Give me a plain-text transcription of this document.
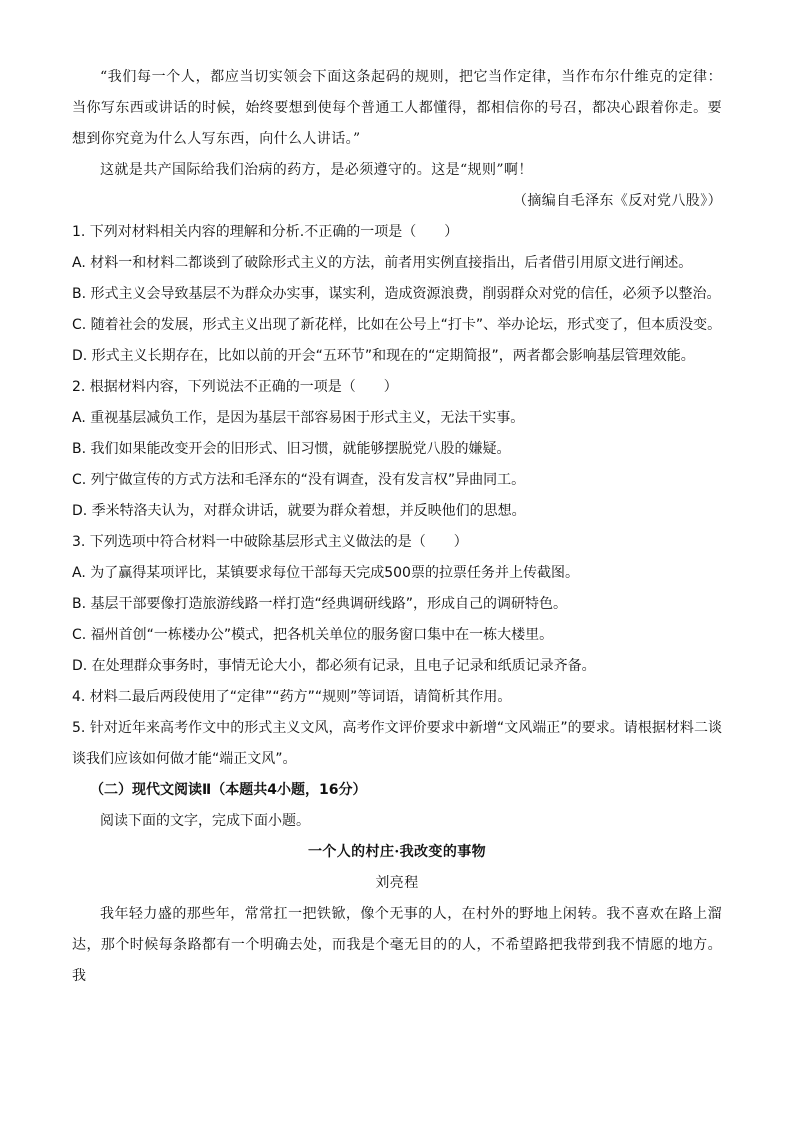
“我们每一个人，都应当切实领会下面这条起码的规则，把它当作定律，当作布尔什维克的定律：当你写东西或讲话的时候，始终要想到使每个普通工人都懂得，都相信你的号召，都决心跟着你走。要想到你究竟为什么人写东西，向什么人讲话。”

这就是共产国际给我们治病的药方，是必须遵守的。这是“规则”啊！

（摘编自毛泽东《反对党八股》）

1. 下列对材料相关内容的理解和分析.不正确的一项是（　　）

A. 材料一和材料二都谈到了破除形式主义的方法，前者用实例直接指出，后者借引用原文进行阐述。

B. 形式主义会导致基层不为群众办实事，谋实利，造成资源浪费，削弱群众对党的信任，必须予以整治。

C. 随着社会的发展，形式主义出现了新花样，比如在公号上“打卡”、举办论坛，形式变了，但本质没变。

D. 形式主义长期存在，比如以前的开会“五环节”和现在的“定期简报”，两者都会影响基层管理效能。

2. 根据材料内容，下列说法不正确的一项是（　　）

A. 重视基层减负工作，是因为基层干部容易困于形式主义，无法干实事。

B. 我们如果能改变开会的旧形式、旧习惯，就能够摆脱党八股的嫌疑。

C. 列宁做宣传的方式方法和毛泽东的“没有调查，没有发言权”异曲同工。

D. 季米特洛夫认为，对群众讲话，就要为群众着想，并反映他们的思想。

3. 下列选项中符合材料一中破除基层形式主义做法的是（　　）

A. 为了赢得某项评比，某镇要求每位干部每天完成500票的拉票任务并上传截图。

B. 基层干部要像打造旅游线路一样打造“经典调研线路”，形成自己的调研特色。

C. 福州首创“一栋楼办公”模式，把各机关单位的服务窗口集中在一栋大楼里。

D. 在处理群众事务时，事情无论大小，都必须有记录，且电子记录和纸质记录齐备。

4. 材料二最后两段使用了“定律”“药方”“规则”等词语，请简析其作用。

5. 针对近年来高考作文中的形式主义文风，高考作文评价要求中新增“文风端正”的要求。请根据材料二谈谈我们应该如何做才能“端正文风”。

（二）现代文阅读Ⅱ（本题共4小题，16分）

阅读下面的文字，完成下面小题。

一个人的村庄·我改变的事物

刘亮程

我年轻力盛的那些年，常常扛一把铁锨，像个无事的人，在村外的野地上闲转。我不喜欢在路上溜达，那个时候每条路都有一个明确去处，而我是个毫无目的的人，不希望路把我带到我不情愿的地方。我
